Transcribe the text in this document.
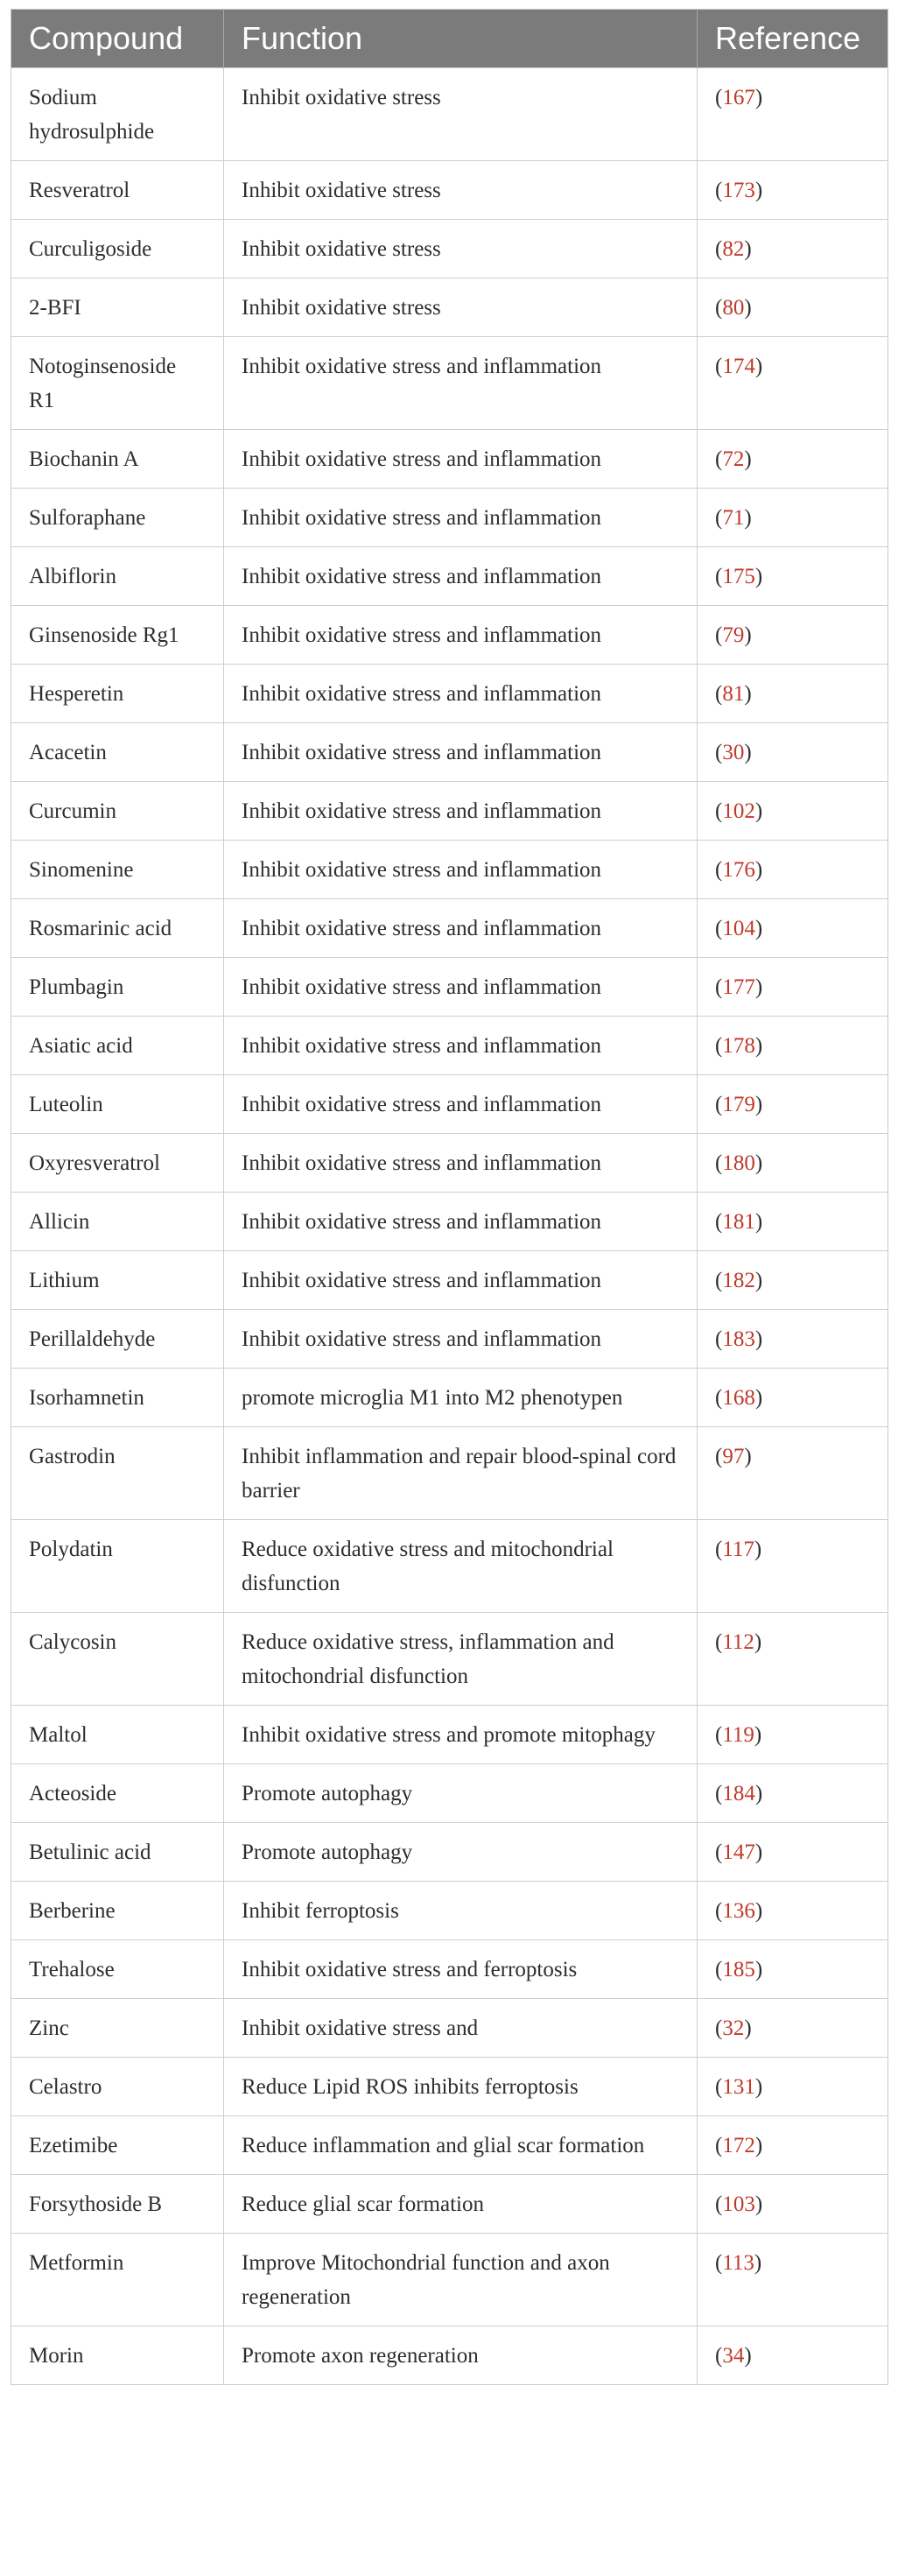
Compound	Function	Reference
Sodium hydrosulphide	Inhibit oxidative stress	(167)
Resveratrol	Inhibit oxidative stress	(173)
Curculigoside	Inhibit oxidative stress	(82)
2-BFI	Inhibit oxidative stress	(80)
Notoginsenoside R1	Inhibit oxidative stress and inflammation	(174)
Biochanin A	Inhibit oxidative stress and inflammation	(72)
Sulforaphane	Inhibit oxidative stress and inflammation	(71)
Albiflorin	Inhibit oxidative stress and inflammation	(175)
Ginsenoside Rg1	Inhibit oxidative stress and inflammation	(79)
Hesperetin	Inhibit oxidative stress and inflammation	(81)
Acacetin	Inhibit oxidative stress and inflammation	(30)
Curcumin	Inhibit oxidative stress and inflammation	(102)
Sinomenine	Inhibit oxidative stress and inflammation	(176)
Rosmarinic acid	Inhibit oxidative stress and inflammation	(104)
Plumbagin	Inhibit oxidative stress and inflammation	(177)
Asiatic acid	Inhibit oxidative stress and inflammation	(178)
Luteolin	Inhibit oxidative stress and inflammation	(179)
Oxyresveratrol	Inhibit oxidative stress and inflammation	(180)
Allicin	Inhibit oxidative stress and inflammation	(181)
Lithium	Inhibit oxidative stress and inflammation	(182)
Perillaldehyde	Inhibit oxidative stress and inflammation	(183)
Isorhamnetin	promote microglia M1 into M2 phenotypen	(168)
Gastrodin	Inhibit inflammation and repair blood-spinal cord barrier	(97)
Polydatin	Reduce oxidative stress and mitochondrial disfunction	(117)
Calycosin	Reduce oxidative stress, inflammation and mitochondrial disfunction	(112)
Maltol	Inhibit oxidative stress and promote mitophagy	(119)
Acteoside	Promote autophagy	(184)
Betulinic acid	Promote autophagy	(147)
Berberine	Inhibit ferroptosis	(136)
Trehalose	Inhibit oxidative stress and ferroptosis	(185)
Zinc	Inhibit oxidative stress and	(32)
Celastro	Reduce Lipid ROS inhibits ferroptosis	(131)
Ezetimibe	Reduce inflammation and glial scar formation	(172)
Forsythoside B	Reduce glial scar formation	(103)
Metformin	Improve Mitochondrial function and axon regeneration	(113)
Morin	Promote axon regeneration	(34)
